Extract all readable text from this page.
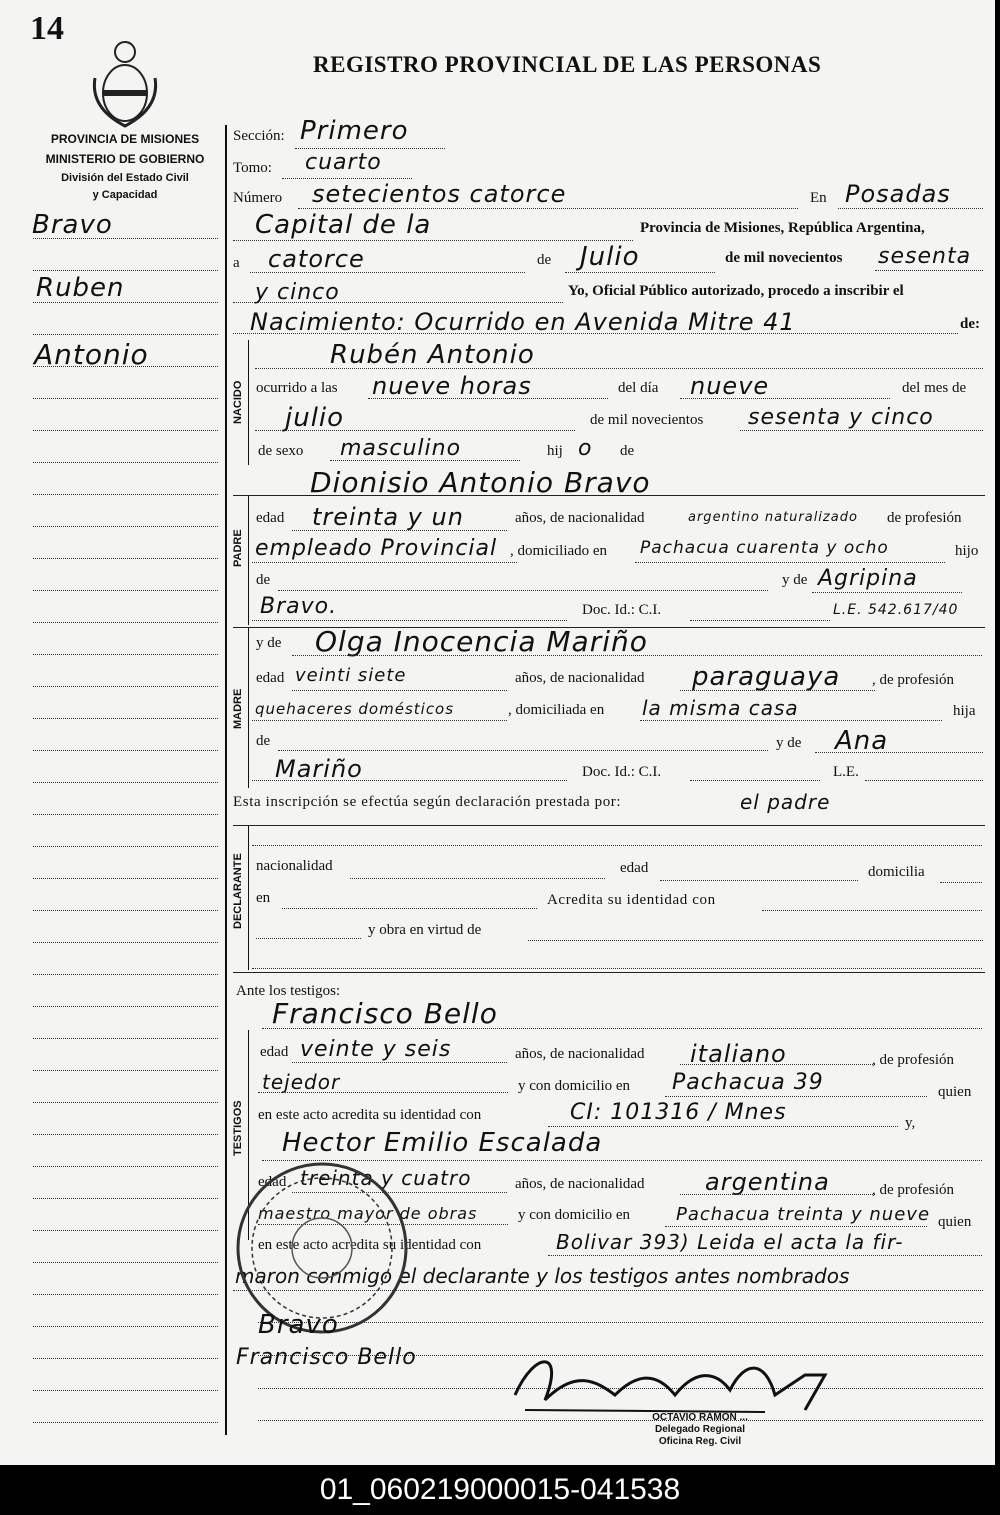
14
REGISTRO PROVINCIAL DE LAS PERSONAS
PROVINCIA DE MISIONES
MINISTERIO DE GOBIERNO
División del Estado Civil
y Capacidad
Bravo
Ruben
Antonio
NACIDO
PADRE
MADRE
DECLARANTE
TESTIGOS
Sección: Primero
Tomo: cuarto
Número setecientos catorce	En Posadas
Capital de la	Provincia de Misiones, República Argentina,
a catorce	de Julio	de mil novecientos sesenta
y cinco	Yo, Oficial Público autorizado, procedo a inscribir el
Nacimiento: Ocurrido en Avenida Mitre 41	de:
Rubén Antonio
ocurrido a las nueve horas	del día nueve	del mes de
julio	de mil novecientos sesenta y cinco
de sexo masculino	hij o de
Dionisio Antonio Bravo
edad treinta y un	años, de nacionalidad	argentino naturalizado de profesión
empleado Provincial , domiciliado en Pachacua cuarenta y ocho	hijo
de	y de Agripina
Bravo.	Doc. Id.: C.I.	L.E. 542.617/40
y de Olga Inocencia Mariño
edad veinti siete	años, de nacionalidad paraguaya , de profesión
quehaceres domésticos	, domiciliada en la misma casa	hija
de	y de Ana
Mariño	Doc. Id.: C.I.	L.E.
Esta inscripción se efectúa según declaración prestada por:	el padre
nacionalidad	edad	domicilia
en	Acredita su identidad con
y obra en virtud de
Ante los testigos:
Francisco Bello
edad veinte y seis	años, de nacionalidad italiano	, de profesión
tejedor	y con domicilio en Pachacua 39	quien
en este acto acredita su identidad con	CI: 101316 / Mnes	y,
Hector Emilio Escalada
edad treinta y cuatro	años, de nacionalidad	argentina	, de profesión
maestro mayor de obras	y con domicilio en	Pachacua treinta y nueve quien
en este acto acredita su identidad con	Bolivar 393) Leida el acta la fir-
maron conmigo el declarante y los testigos antes nombrados
Bravo
Francisco Bello
OCTAVIO RAMON ...
Delegado Regional
Oficina Reg. Civil
01_060219000015-041538
